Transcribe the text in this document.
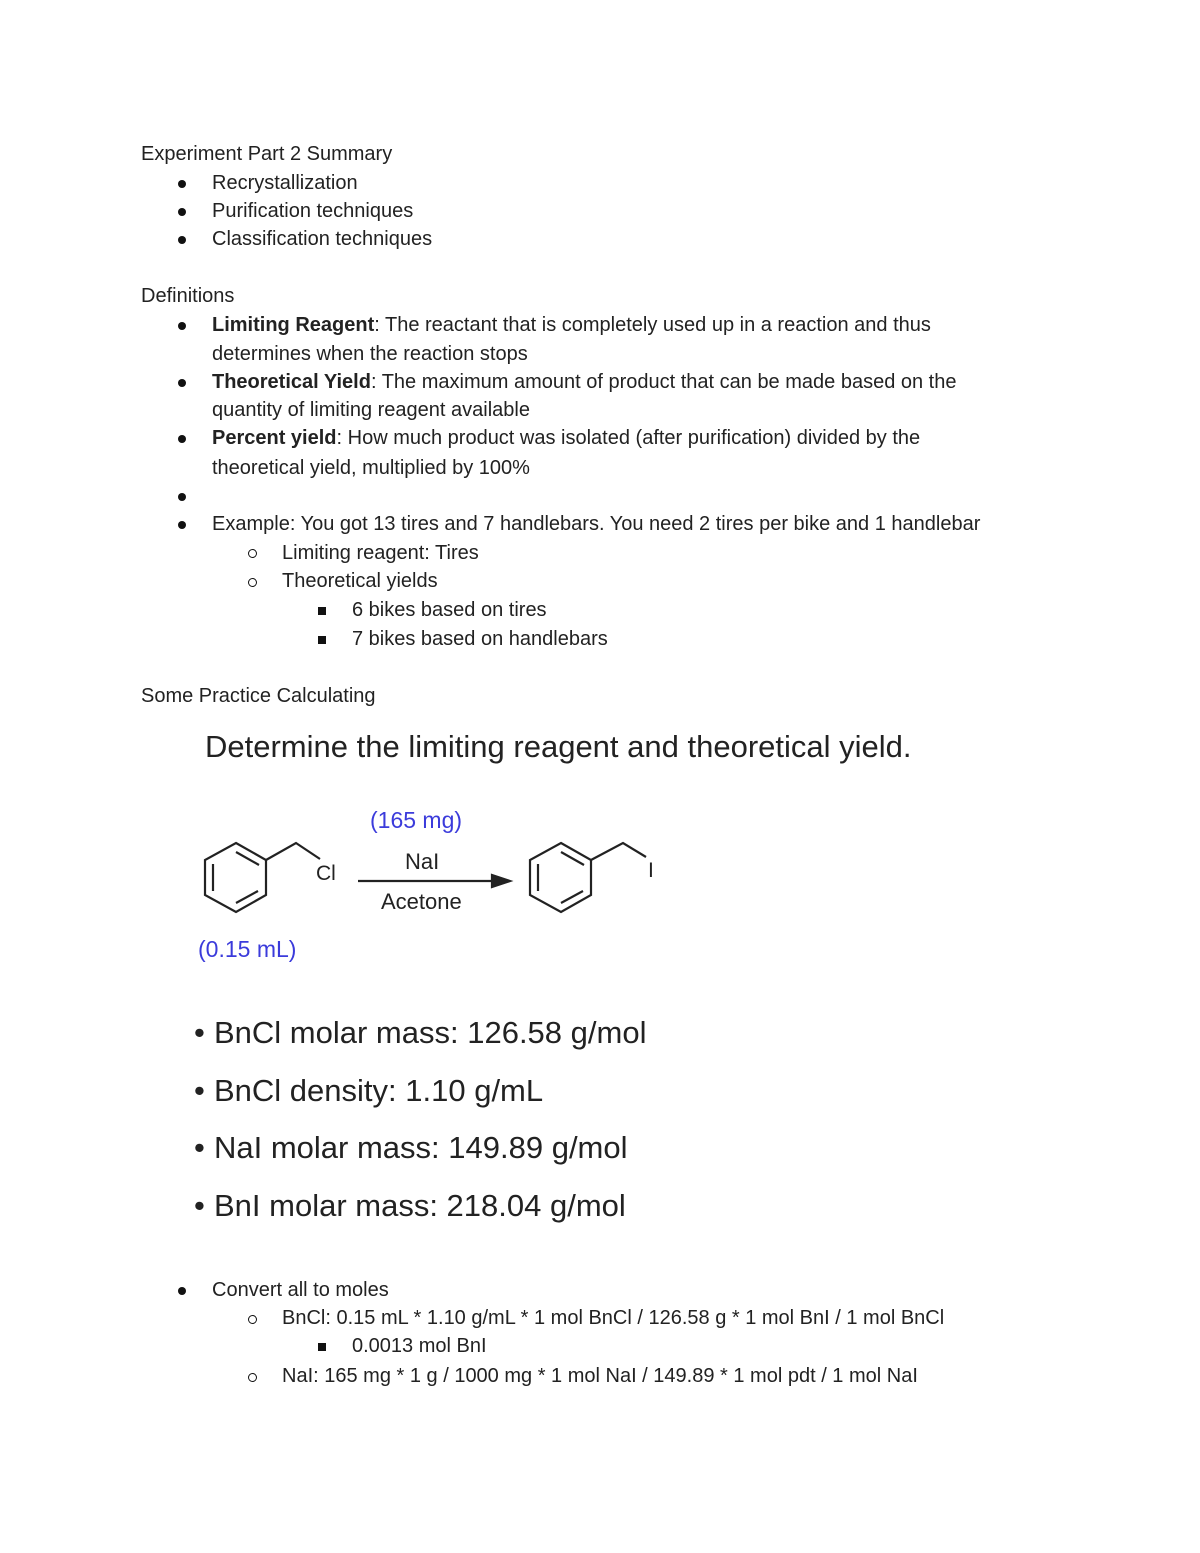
Experiment Part 2 Summary
Recrystallization
Purification techniques
Classification techniques
Definitions
Limiting Reagent: The reactant that is completely used up in a reaction and thus
determines when the reaction stops
Theoretical Yield: The maximum amount of product that can be made based on the
quantity of limiting reagent available
Percent yield: How much product was isolated (after purification) divided by the
theoretical yield, multiplied by 100%
Example: You got 13 tires and 7 handlebars. You need 2 tires per bike and 1 handlebar
Limiting reagent: Tires
Theoretical yields
6 bikes based on tires
7 bikes based on handlebars
Some Practice Calculating
Determine the limiting reagent and theoretical yield.
Cl
(165 mg)
NaI
Acetone
I
(0.15 mL)
• BnCl molar mass: 126.58 g/mol
• BnCl density: 1.10 g/mL
• NaI molar mass: 149.89 g/mol
• BnI molar mass: 218.04 g/mol
Convert all to moles
BnCl: 0.15 mL * 1.10 g/mL * 1 mol BnCl / 126.58 g * 1 mol BnI / 1 mol BnCl
0.0013 mol BnI
NaI: 165 mg * 1 g / 1000 mg * 1 mol NaI / 149.89 * 1 mol pdt / 1 mol NaI
